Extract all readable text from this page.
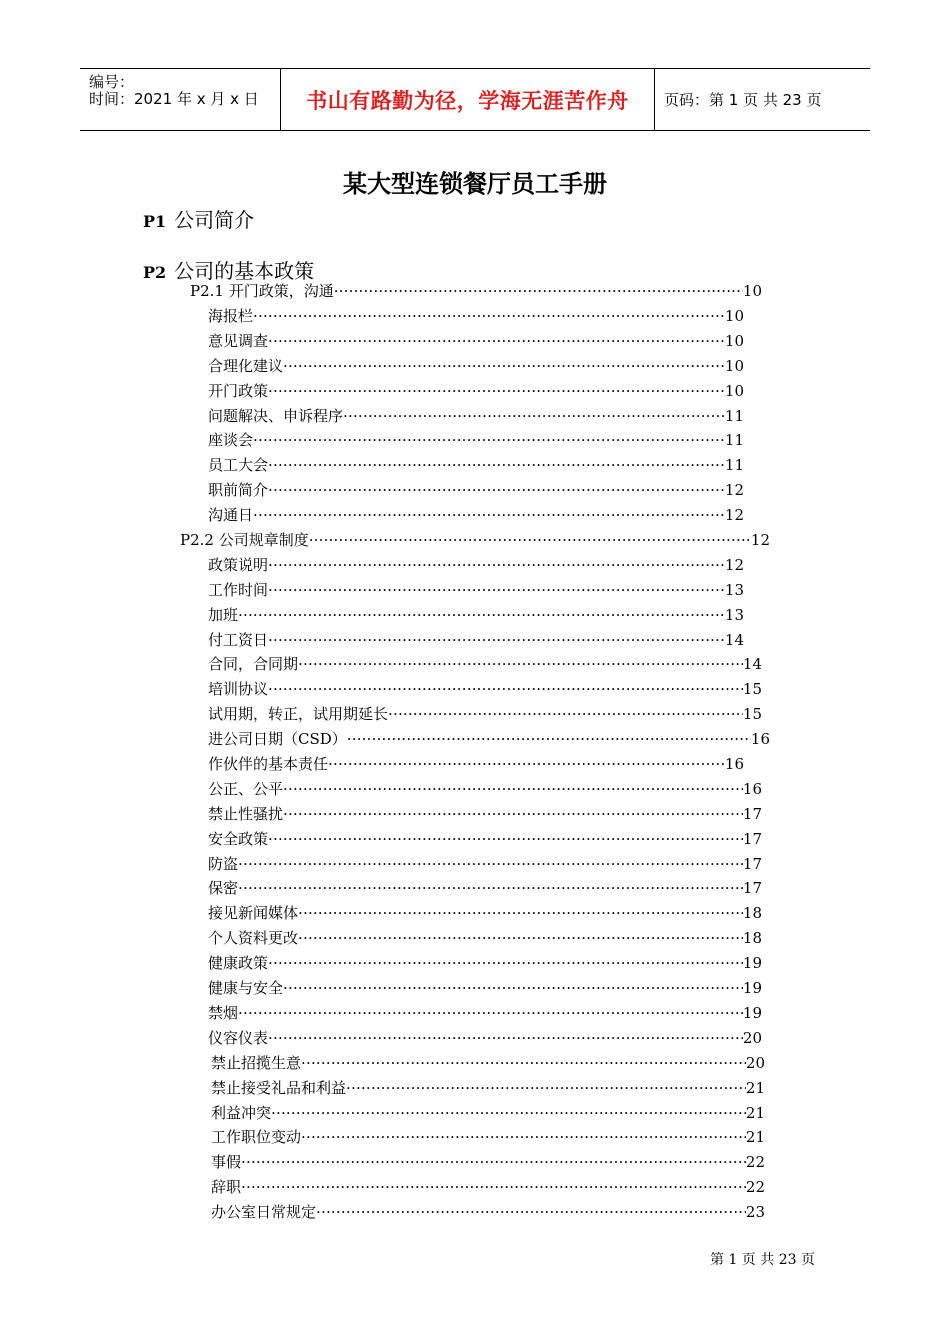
编号：
时间：2021 年 x 月 x 日 书山有路勤为径，学海无涯苦作舟 页码：第 1 页 共 23 页
某大型连锁餐厅员工手册
P1 公司简介
P2 公司的基本政策
P2.1 开门政策，沟通 ·····	10
海报栏 ·····	10
意见调查 ·····	10
合理化建议 ·····	10
开门政策 ·····	10
问题解决、申诉程序 ·····	11
座谈会 ·····	11
员工大会 ·····	11
职前简介 ·····	12
沟通日 ·····	12
P2.2 公司规章制度 ·····	12
政策说明 ·····	12
工作时间 ·····	13
加班 ·····	13
付工资日 ·····	14
合同，合同期 ·····	14
培训协议 ·····	15
试用期，转正，试用期延长 ·····	15
进公司日期（CSD） ·····	16
作伙伴的基本责任 ·····	16
公正、公平 ·····	16
禁止性骚扰 ·····	17
安全政策 ·····	17
防盗 ·····	17
保密 ·····	17
接见新闻媒体 ·····	18
个人资料更改 ·····	18
健康政策 ·····	19
健康与安全 ·····	19
禁烟 ·····	19
仪容仪表 ·····	20
禁止招揽生意 ·····	20
禁止接受礼品和利益 ·····	21
利益冲突 ·····	21
工作职位变动 ·····	21
事假 ·····	22
辞职 ·····	22
办公室日常规定 ·····	23
第 1 页 共 23 页
